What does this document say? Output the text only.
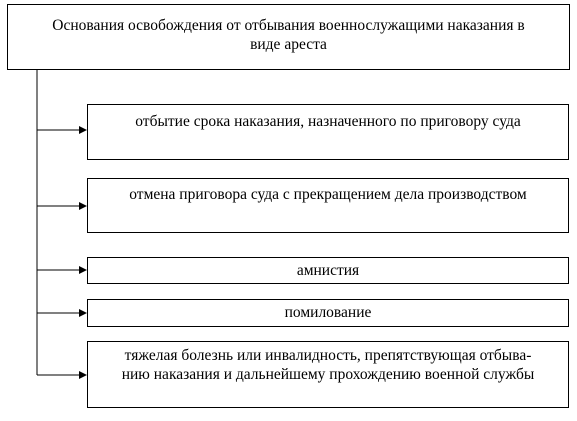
Основания освобождения от отбывания военнослужащими наказания в
виде ареста
отбытие срока наказания, назначенного по приговору суда
отмена приговора суда с прекращением дела производством
амнистия
помилование
тяжелая болезнь или инвалидность, препятствующая отбыва-
нию наказания и дальнейшему прохождению военной службы
